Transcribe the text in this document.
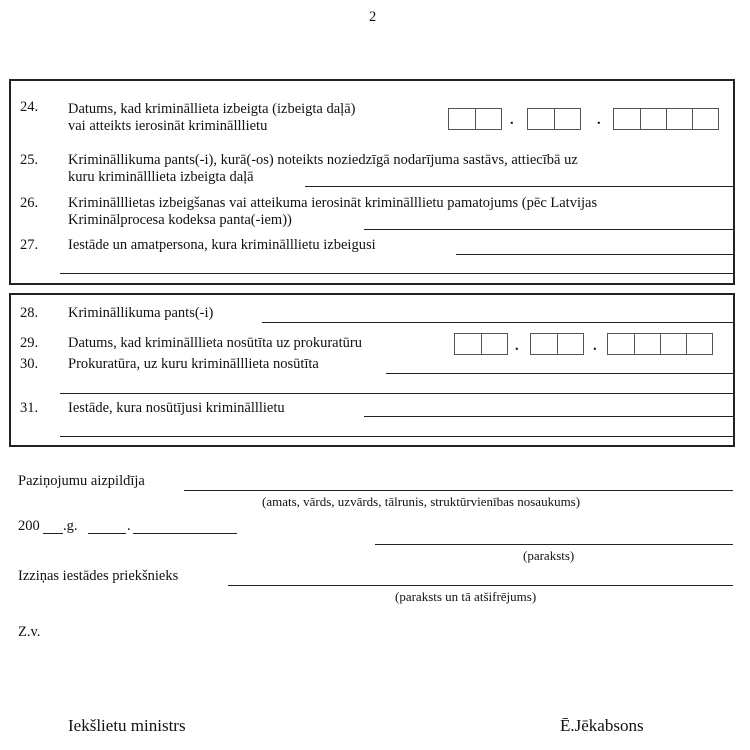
2
24. Datums, kad krimināllieta izbeigta (izbeigta daļā)
vai atteikts ierosināt kriminālllietu	.	.
25. Krimināllikuma pants(-i), kurā(-os) noteikts noziedzīgā nodarījuma sastāvs, attiecībā uz
kuru kriminālllieta izbeigta daļā
26. Kriminālllietas izbeigšanas vai atteikuma ierosināt kriminālllietu pamatojums (pēc Latvijas
Kriminālprocesa kodeksa panta(-iem))
27. Iestāde un amatpersona, kura kriminālllietu izbeigusi
28. Krimināllikuma pants(-i)
29. Datums, kad kriminālllieta nosūtīta uz prokuratūru	.	.
30. Prokuratūra, uz kuru kriminālllieta nosūtīta
31. Iestāde, kura nosūtījusi kriminālllietu
Paziņojumu aizpildīja
(amats, vārds, uzvārds, tālrunis, struktūrvienības nosaukums)
200 .g.	.
(paraksts)
Izziņas iestādes priekšnieks
(paraksts un tā atšifrējums)
Z.v.
Iekšlietu ministrs	Ē.Jēkabsons
